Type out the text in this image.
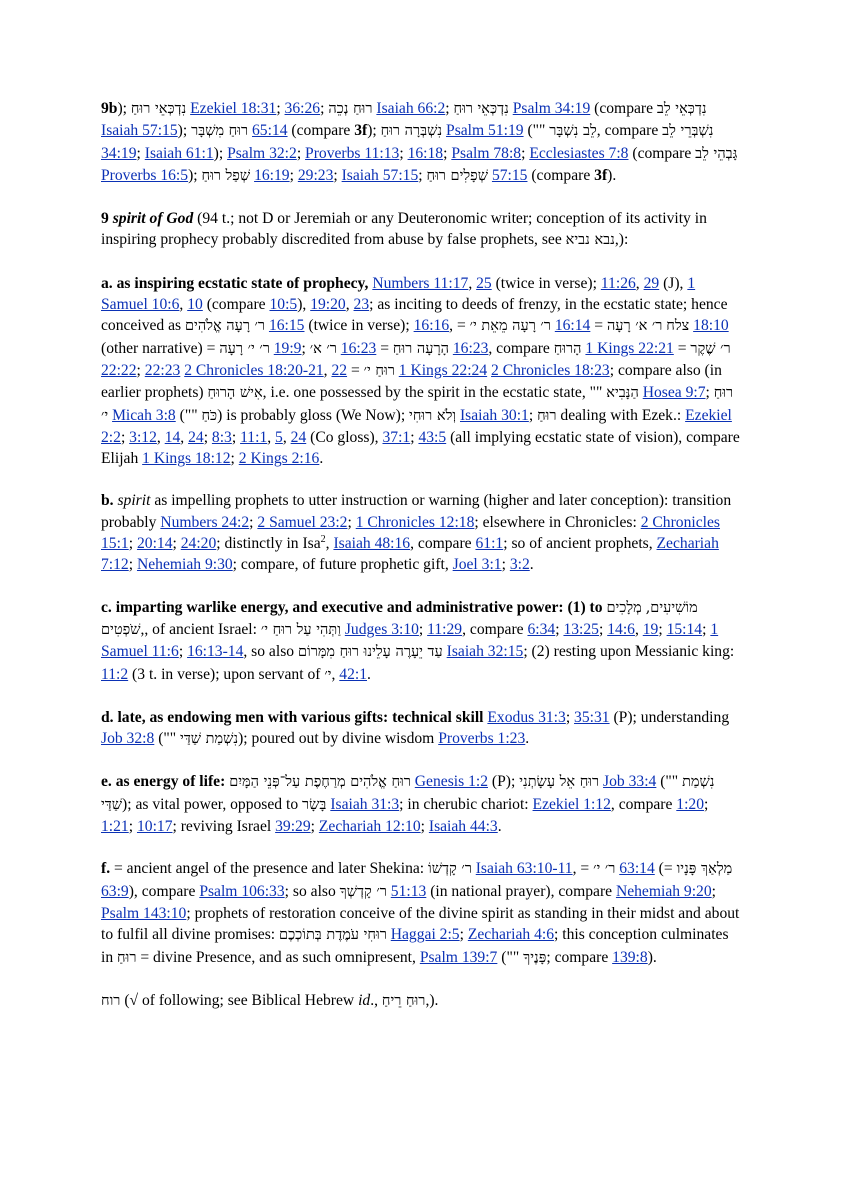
9b); נִדְכְּאֵי רוּחַ Ezekiel 18:31; 36:26; רוּחַ נְכֵה Isaiah 66:2; נִדְכְּאֵי רוּחַ Psalm 34:19 (compare נִדְכְּאֵי לֵב Isaiah 57:15); רוּחַ מִשְׁבָּר 65:14 (compare 3f); נִשְׁבְּרָה רוּחַ Psalm 51:19 ("" לֵב נִשְׁבָּר, compare נִשְׁבְּרֵי לֵב 34:19; Isaiah 61:1); Psalm 32:2; Proverbs 11:13; 16:18; Psalm 78:8; Ecclesiastes 7:8 (compare גָּבְהֵי לֵב Proverbs 16:5); שְׁפַל רוּחַ 16:19; 29:23; Isaiah 57:15; שְׁפָלִים רוּחַ 57:15 (compare 3f).

9 spirit of God (94 t.; not D or Jeremiah or any Deuteronomic writer; conception of its activity in inspiring prophecy probably discredited from abuse by false prophets, see נבא נביא,):

a. as inspiring ecstatic state of prophecy, Numbers 11:17, 25 (twice in verse); 11:26, 29 (J), 1 Samuel 10:6, 10 (compare 10:5), 19:20, 23; as inciting to deeds of frenzy, in the ecstatic state; hence conceived as ר׳ רָעָה אֱלֹהִים 16:15 (twice in verse); 16:16, = ר׳ רָעָה מֵאֵת י׳ 16:14 = ר׳ א׳ רָעָה צלח 18:10 (other narrative) = ר׳ י׳ רָעָה 19:9; ר׳ א׳ 16:23 = הָרָעָה רוּחַ 16:23, compare הָרוּחַ 1 Kings 22:21 = ר׳ שֶׁקֶר 22:22; 22:23 2 Chronicles 18:20-21, 22 = רוּחַ י׳ 1 Kings 22:24 2 Chronicles 18:23; compare also (in earlier prophets) אִישׁ הָרוּחַ, i.e. one possessed by the spirit in the ecstatic state, "" הַנָּבִיא Hosea 9:7; רוּחַ י׳ Micah 3:8 ("" כֹּחַ) is probably gloss (We Now); וְלֹא רוּחִי Isaiah 30:1; רוּחַ dealing with Ezek.: Ezekiel 2:2; 3:12, 14, 24; 8:3; 11:1, 5, 24 (Co gloss), 37:1; 43:5 (all implying ecstatic state of vision), compare Elijah 1 Kings 18:12; 2 Kings 2:16.

b. spirit as impelling prophets to utter instruction or warning (higher and later conception): transition probably Numbers 24:2; 2 Samuel 23:2; 1 Chronicles 12:18; elsewhere in Chronicles: 2 Chronicles 15:1; 20:14; 24:20; distinctly in Isa$^2$, Isaiah 48:16, compare 61:1; so of ancient prophets, Zechariah 7:12; Nehemiah 9:30; compare, of future prophetic gift, Joel 3:1; 3:2.

c. imparting warlike energy, and executive and administrative power: (1) to מְלָכִים מוֹשִׁיעִים, שֹׁפְטִים,, of ancient Israel: וַתְּהִי עַל רוּחַ י׳ Judges 3:10; 11:29, compare 6:34; 13:25; 14:6, 19; 15:14; 1 Samuel 11:6; 16:13-14, so also עַד יֵעָרֶה עָלֵינוּ רוּחַ מִמָּרוֹם Isaiah 32:15; (2) resting upon Messianic king: 11:2 (3 t. in verse); upon servant of י׳, 42:1.

d. late, as endowing men with various gifts: technical skill Exodus 31:3; 35:31 (P); understanding Job 32:8 ("" נִשְׁמַת שַׁדַּי); poured out by divine wisdom Proverbs 1:23.

e. as energy of life: רוּחַ אֱלֹהִים מְרַחֶפֶת עַל־פְּנֵי הַמָּיִם Genesis 1:2 (P); רוּחַ אֵל עָשָׂתְנִי Job 33:4 ("" נִשְׁמַת שַׁדַּי); as vital power, opposed to בָּשָׂר Isaiah 31:3; in cherubic chariot: Ezekiel 1:12, compare 1:20; 1:21; 10:17; reviving Israel 39:29; Zechariah 12:10; Isaiah 44:3.

f. = ancient angel of the presence and later Shekina: ר׳ קָדְשׁוֹ Isaiah 63:10-11, = ר׳ י׳ 63:14 (= מַלְאַךְ פָּנָיו 63:9), compare Psalm 106:33; so also ר׳ קָדְשְׁךָ 51:13 (in national prayer), compare Nehemiah 9:20; Psalm 143:10; prophets of restoration conceive of the divine spirit as standing in their midst and about to fulfil all divine promises: רוּחִי עֹמֶדֶת בְּתוֹכְכֶם Haggai 2:5; Zechariah 4:6; this conception culminates in רוּחַ = divine Presence, and as such omnipresent, Psalm 139:7 ("" פָּנֶיךָ; compare 139:8).

רוח (√ of following; see Biblical Hebrew id., רוּחַ רֵיחַ,).
